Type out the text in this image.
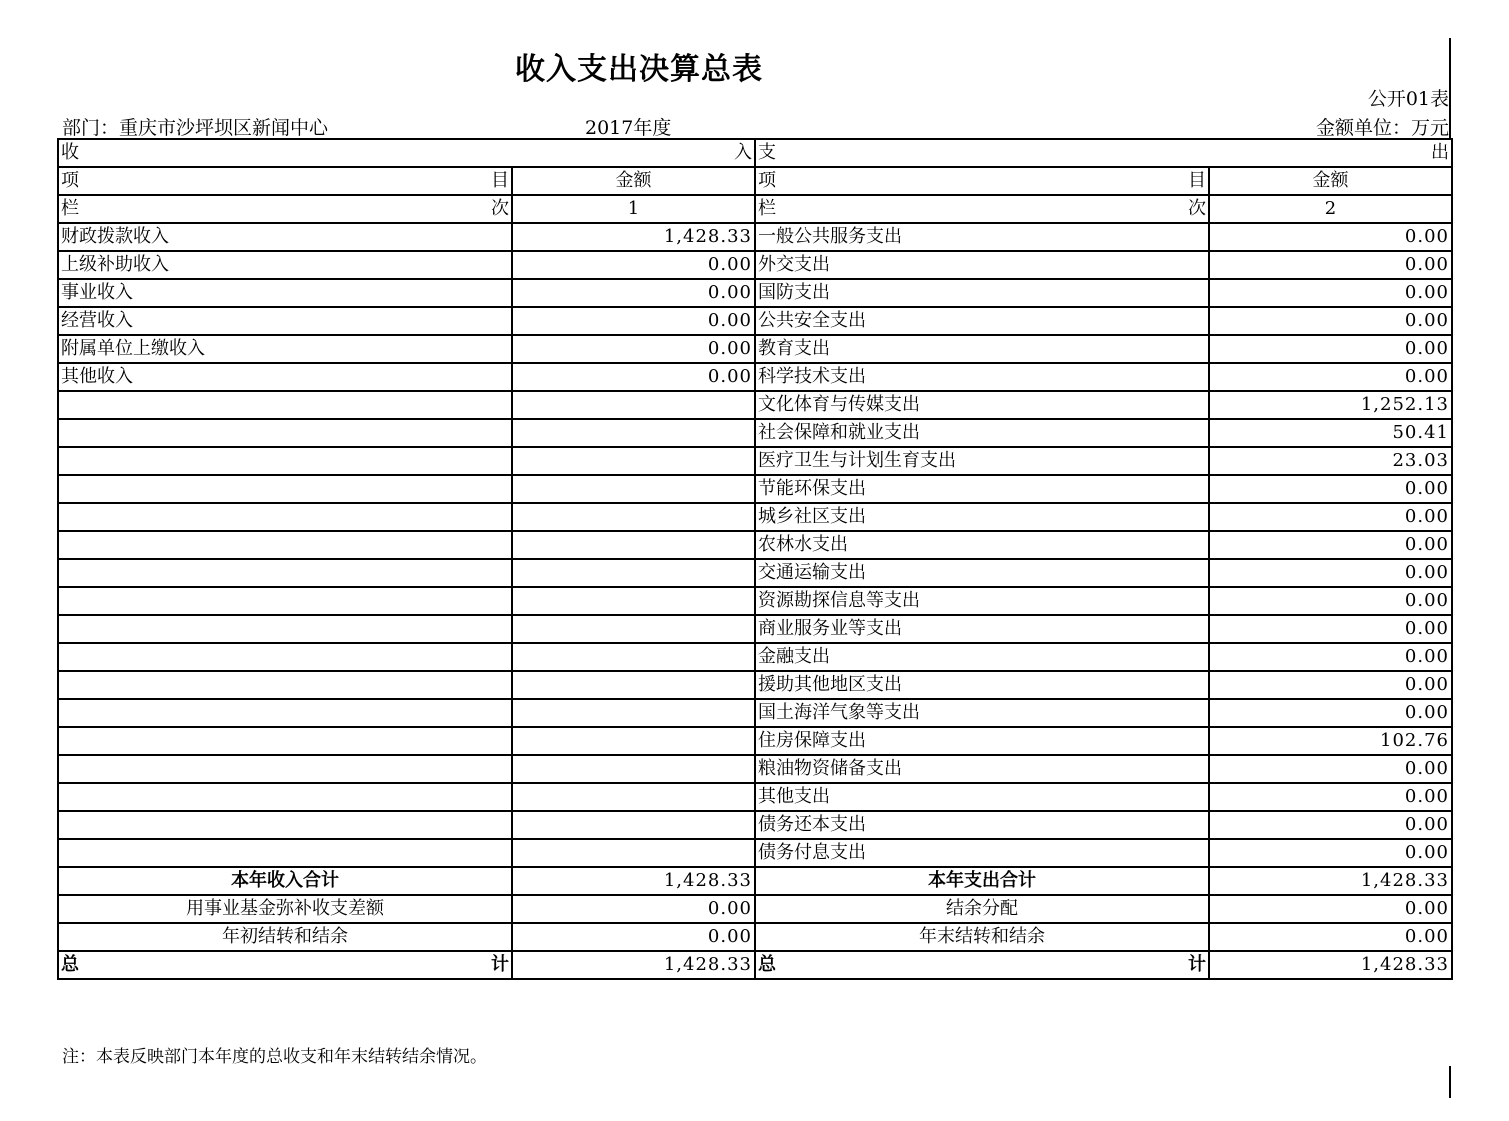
收入支出决算总表
公开01表
部门：重庆市沙坪坝区新闻中心	2017年度	金额单位：万元
收 入		支 出	

项 目	金额	项 目	金额

栏 次	1	栏 次	2
财政拨款收入	1,428.33	一般公共服务支出	0.00
上级补助收入	0.00	外交支出	0.00
事业收入	0.00	国防支出	0.00
经营收入	0.00	公共安全支出	0.00
附属单位上缴收入	0.00	教育支出	0.00
其他收入	0.00	科学技术支出	0.00
		文化体育与传媒支出	1,252.13
		社会保障和就业支出	50.41
		医疗卫生与计划生育支出	23.03
		节能环保支出	0.00
		城乡社区支出	0.00
		农林水支出	0.00
		交通运输支出	0.00
		资源勘探信息等支出	0.00
		商业服务业等支出	0.00
		金融支出	0.00
		援助其他地区支出	0.00
		国土海洋气象等支出	0.00
		住房保障支出	102.76
		粮油物资储备支出	0.00
		其他支出	0.00
		债务还本支出	0.00
		债务付息支出	0.00
本年收入合计	1,428.33	本年支出合计	1,428.33
用事业基金弥补收支差额	0.00	结余分配	0.00
年初结转和结余	0.00	年末结转和结余	0.00

总 计	1,428.33	总 计	1,428.33
注：本表反映部门本年度的总收支和年末结转结余情况。
